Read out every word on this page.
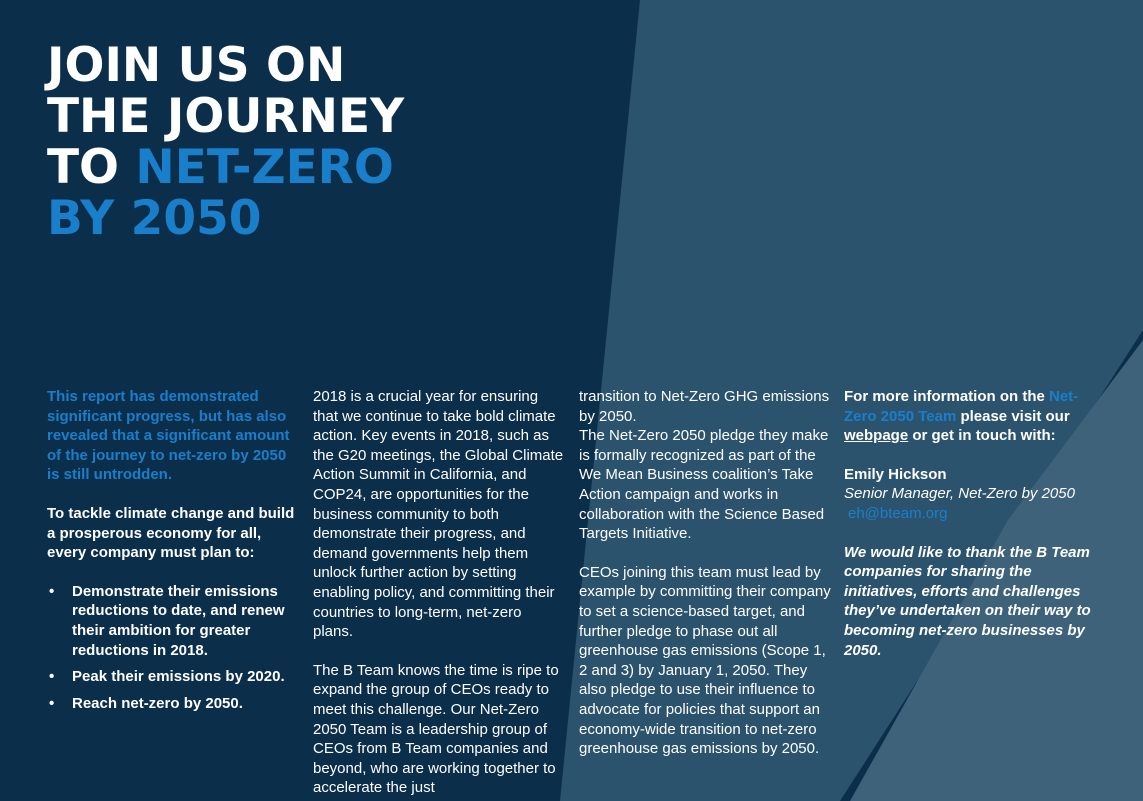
JOIN US ON
THE JOURNEY
TO NET-ZERO
BY 2050

This report has demonstrated significant progress, but has also revealed that a significant amount of the journey to net-zero by 2050 is still untrodden.

To tackle climate change and build a prosperous economy for all, every company must plan to:

• Demonstrate their emissions reductions to date, and renew their ambition for greater reductions in 2018.
• Peak their emissions by 2020.
• Reach net-zero by 2050.

2018 is a crucial year for ensuring that we continue to take bold climate action. Key events in 2018, such as the G20 meetings, the Global Climate Action Summit in California, and COP24, are opportunities for the business community to both demonstrate their progress, and demand governments help them unlock further action by setting enabling policy, and committing their countries to long-term, net-zero plans.

The B Team knows the time is ripe to expand the group of CEOs ready to meet this challenge. Our Net-Zero 2050 Team is a leadership group of CEOs from B Team companies and beyond, who are working together to accelerate the just

transition to Net-Zero GHG emissions by 2050.

The Net-Zero 2050 pledge they make is formally recognized as part of the We Mean Business coalition’s Take Action campaign and works in collaboration with the Science Based Targets Initiative.

CEOs joining this team must lead by example by committing their company to set a science-based target, and further pledge to phase out all greenhouse gas emissions (Scope 1, 2 and 3) by January 1, 2050. They also pledge to use their influence to advocate for policies that support an economy-wide transition to net-zero greenhouse gas emissions by 2050.

For more information on the Net-Zero 2050 Team please visit our webpage or get in touch with:

Emily Hickson

Senior Manager, Net-Zero by 2050

eh@bteam.org

We would like to thank the B Team companies for sharing the initiatives, efforts and challenges they’ve undertaken on their way to becoming net-zero businesses by 2050.
